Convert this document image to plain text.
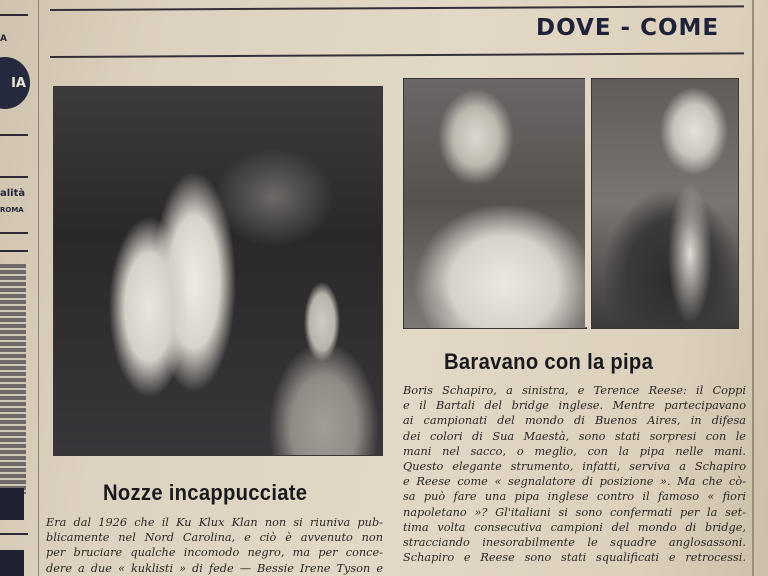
A
IA
alità
ROMA
DOVE - COME
Nozze incappucciate
Era dal 1926 che il Ku Klux Klan non si riuniva pub-
blicamente nel Nord Carolina, e ciò è avvenuto non
per bruciare qualche incomodo negro, ma per conce-
dere a due « kuklisti » di fede — Bessie Irene Tyson e
Baravano con la pipa
Boris Schapiro, a sinistra, e Terence Reese: il Coppi
e il Bartali del bridge inglese. Mentre partecipavano
ai campionati del mondo di Buenos Aires, in difesa
dei colori di Sua Maestà, sono stati sorpresi con le
mani nel sacco, o meglio, con la pipa nelle mani.
Questo elegante strumento, infatti, serviva a Schapiro
e Reese come « segnalatore di posizione ». Ma che cò-
sa può fare una pipa inglese contro il famoso « fiori
napoletano »? Gl'italiani si sono confermati per la set-
tima volta consecutiva campioni del mondo di bridge,
stracciando inesorabilmente le squadre anglosassoni.
Schapiro e Reese sono stati squalificati e retrocessi.
